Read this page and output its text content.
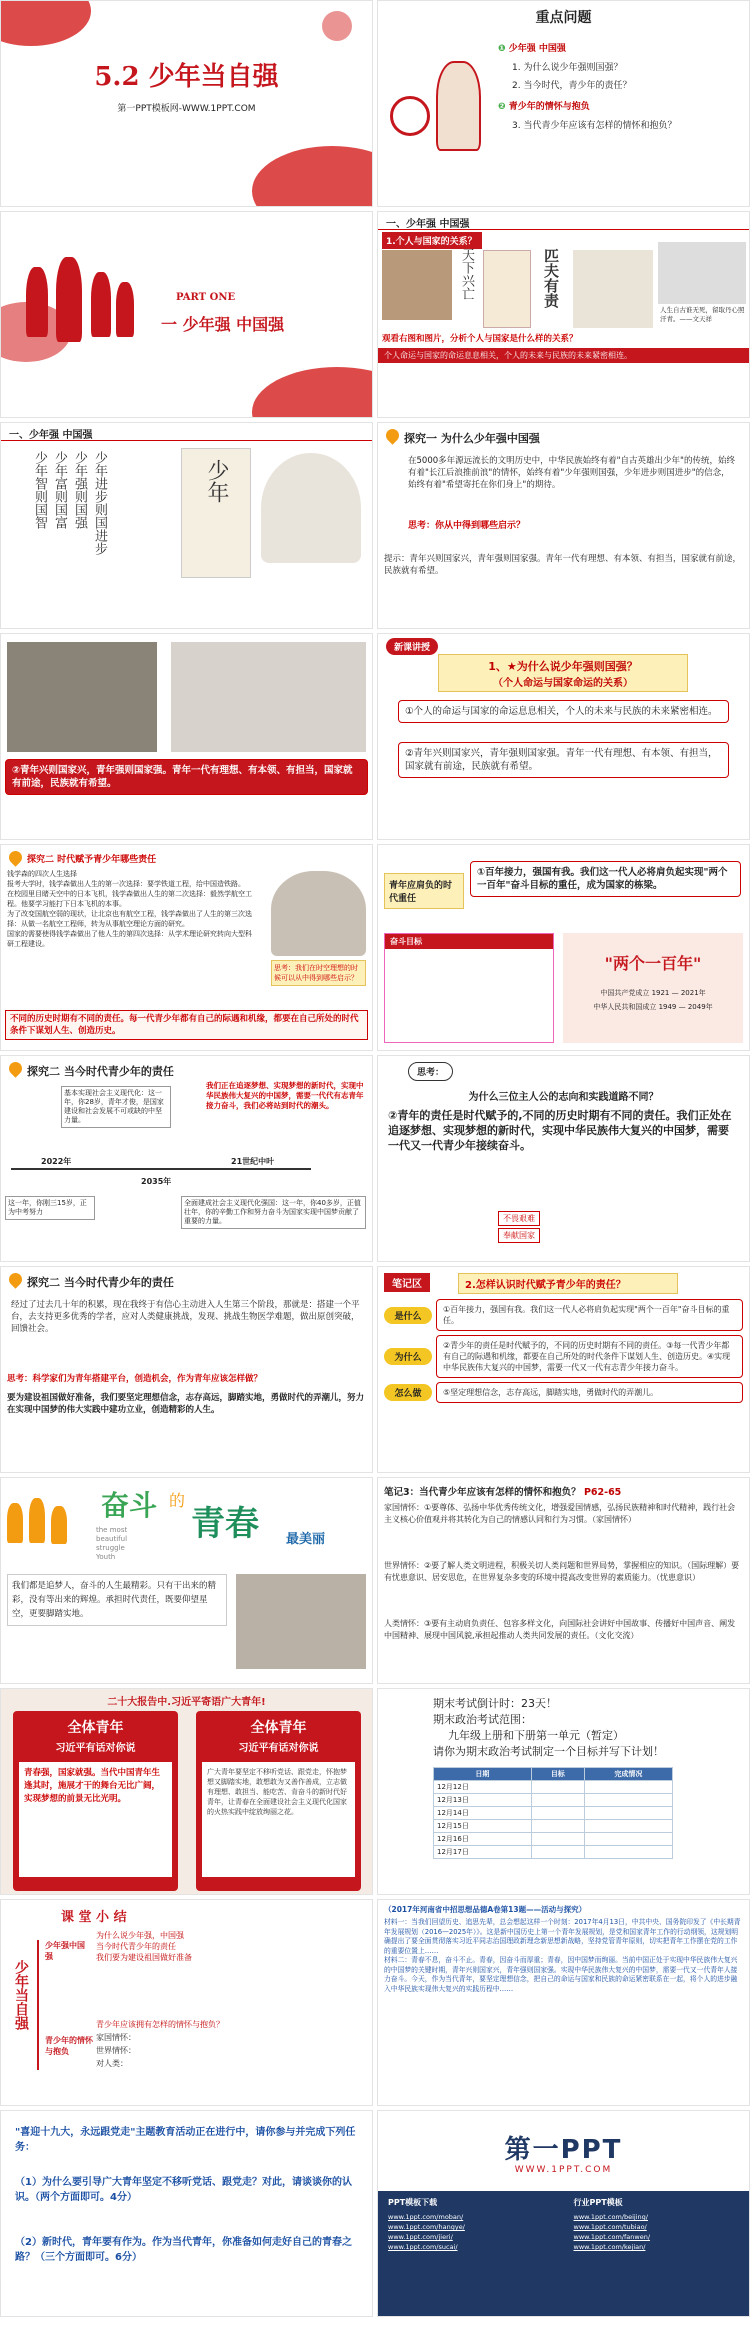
5.2 少年当自强
第一PPT模板网-WWW.1PPT.COM
重点问题
❶ 少年强 中国强
1. 为什么说少年强则国强？
2. 当今时代，青少年的责任？
❷ 青少年的情怀与抱负
3. 当代青少年应该有怎样的情怀和抱负？
PART ONE
一 少年强 中国强
一、少年强 中国强
1.个人与国家的关系？
天下兴亡	匹夫有责
人生自古谁无死，留取丹心照汗青。——文天祥
观看右图和图片，分析个人与国家是什么样的关系？
个人命运与国家的命运息息相关，个人的未来与民族的未来紧密相连。
一、少年强 中国强
少年进步则国进步
少年强则国强
少年富则国富
少年智则国智	少年
探究一 为什么少年强中国强
在5000多年源远流长的文明历史中，中华民族始终有着"自古英雄出少年"的传统，始终有着"长江后浪推前浪"的情怀，始终有着"少年强则国强，少年进步则国进步"的信念，始终有着"希望寄托在你们身上"的期待。
思考：你从中得到哪些启示？
提示：青年兴则国家兴，青年强则国家强。青年一代有理想、有本领、有担当，国家就有前途，民族就有希望。
②青年兴则国家兴，青年强则国家强。青年一代有理想、有本领、有担当，国家就有前途，民族就有希望。
新课讲授
1、★为什么说少年强则国强？
（个人命运与国家命运的关系）
①个人的命运与国家的命运息息相关，个人的未来与民族的未来紧密相连。
②青年兴则国家兴，青年强则国家强。青年一代有理想、有本领、有担当，国家就有前途，民族就有希望。
探究二 时代赋予青少年哪些责任
钱学森的四次人生选择
报考大学时，钱学森做出人生的第一次选择：要学铁道工程，给中国造铁路。
在校园里目睹天空中的日本飞机，钱学森做出人生的第二次选择：毅然学航空工程。他要学习能打下日本飞机的本事。
为了改变国航空弱的现状，让北京也有航空工程，钱学森做出了人生的第三次选择：从做一名航空工程师，转为从事航空理论方面的研究。
国家的需要使得钱学森做出了他人生的第四次选择：从学术理论研究转向大型科研工程建设。
思考：我们在时空理想的时候可以从中得到哪些启示？
不同的历史时期有不同的责任。每一代青少年都有自己的际遇和机缘，都要在自己所处的时代条件下谋划人生、创造历史。
青年应肩负的时代重任
①百年接力，强国有我。我们这一代人必将肩负起实现"两个一百年"奋斗目标的重任，成为国家的栋梁。
奋斗目标
"两个一百年"
中国共产党成立 1921 — 2021年
中华人民共和国成立 1949 — 2049年
探究二 当今时代青少年的责任
基本实现社会主义现代化：这一年，你28岁，青年才俊，是国家建设和社会发展不可或缺的中坚力量。
我们正在追逐梦想、实现梦想的新时代，实现中华民族伟大复兴的中国梦，需要一代代有志青年接力奋斗，我们必将站到时代的潮头。
2022年
2035年
21世纪中叶
这一年，你刚三15岁，正为中考努力
全面建成社会主义现代化强国：这一年，你40多岁，正值壮年，你的辛勤工作和努力奋斗为国家实现中国梦贡献了重要的力量。
思考：
为什么三位主人公的志向和实践道路不同？
②青年的责任是时代赋予的,不同的历史时期有不同的责任。我们正处在追逐梦想、实现梦想的新时代，实现中华民族伟大复兴的中国梦，需要一代又一代青少年接续奋斗。
不畏艰难
奉献国家
探究二 当今时代青少年的责任
经过了过去几十年的积累，现在我终于有信心主动进入人生第三个阶段，那就是：搭建一个平台，去支持更多优秀的学者，应对人类健康挑战，发现、挑战生物医学难题，做出原创突破，回馈社会。
思考：科学家们为青年搭建平台，创造机会，作为青年应该怎样做？
要为建设祖国做好准备，我们要坚定理想信念，志存高远，脚踏实地，勇做时代的弄潮儿，努力在实现中国梦的伟大实践中建功立业，创造精彩的人生。
笔记区	2.怎样认识时代赋予青少年的责任？
是什么
①百年接力，强国有我。我们这一代人必将肩负起实现"两个一百年"奋斗目标的重任。
为什么
②青少年的责任是时代赋予的，不同的历史时期有不同的责任。③每一代青少年都有自己的际遇和机缘，都要在自己所处的时代条件下谋划人生、创造历史。④实现中华民族伟大复兴的中国梦，需要一代又一代有志青少年接力奋斗。
怎么做	⑤坚定理想信念，志存高远，脚踏实地，勇做时代的弄潮儿。
奋斗 的
青春 最美丽
the most
beautiful
struggle
Youth
我们都是追梦人，奋斗的人生最精彩。只有干出来的精彩，没有等出来的辉煌。承担时代责任，既要仰望星空，更要脚踏实地。
笔记3：当代青少年应该有怎样的情怀和抱负？ P62-65
家国情怀：①要尊体、弘扬中华优秀传统文化，增强爱国情感，弘扬民族精神和时代精神，践行社会主义核心价值观并将其转化为自己的情感认同和行为习惯。（家国情怀）
世界情怀：②要了解人类文明进程，积极关切人类问题和世界局势，掌握相应的知识。（国际理解）要有忧患意识、居安思危，在世界复杂多变的环境中提高改变世界的素质能力。（忧患意识）
人类情怀：③要有主动肩负责任、包容多样文化，向国际社会讲好中国故事、传播好中国声音、阐发中国精神、展现中国风貌,承担起推动人类共同发展的责任。（文化交流）
二十大报告中.习近平寄语广大青年!
全体青年
习近平有话对你说
青春强，国家就强。当代中国青年生逢其时，施展才干的舞台无比广阔，实现梦想的前景无比光明。
全体青年
习近平有话对你说
广大青年要坚定不移听党话、跟党走，怀抱梦想又脚踏实地，敢想敢为又善作善成，立志做有理想、敢担当、能吃苦、肯奋斗的新时代好青年，让青春在全面建设社会主义现代化国家的火热实践中绽放绚丽之花。
期末考试倒计时：23天！
期末政治考试范围：
九年级上册和下册第一单元（暂定）
请你为期末政治考试制定一个目标并写下计划！
日期	目标	完成情况
12月12日		
12月13日		
12月14日		
12月15日		
12月16日		
12月17日		
课 堂 小 结
少年当自强
少年强中国强
为什么说少年强，中国强
当今时代青少年的责任
我们要为建设祖国做好准备
青少年的情怀与抱负
青少年应该拥有怎样的情怀与抱负？
家国情怀：
世界情怀：
对人类：
（2017年河南省中招思想品德A卷第13题——活动与探究）
材料一：当我们回望历史、追思先辈，总会想起这样一个时刻：2017年4月13日，中共中央、国务院印发了《中长期青年发展规划（2016—2025年）》。这是新中国历史上第一个青年发展规划，是党和国家青年工作的行动纲领，这规划明确提出了要全面贯彻落实习近平同志治国理政新理念新思想新战略，坚持党管青年原则，切实把青年工作摆在党的工作的重要位置上……
材料二：青春不息，奋斗不止。青春，因奋斗而厚重；青春，因中国梦而绚丽。当前中国正处于实现中华民族伟大复兴的中国梦的关键时期，青年兴则国家兴，青年强则国家强。实现中华民族伟大复兴的中国梦，需要一代又一代青年人接力奋斗。今天，作为当代青年，要坚定理想信念，把自己的命运与国家和民族的命运紧密联系在一起，将个人的进步融入中华民族实现伟大复兴的实践历程中……
"喜迎十九大，永远跟党走"主题教育活动正在进行中，请你参与并完成下列任务：
（1）为什么要引导广大青年坚定不移听党话、跟党走？对此，请谈谈你的认识。（两个方面即可。4分）
（2）新时代，青年要有作为。作为当代青年，你准备如何走好自己的青春之路？（三个方面即可。6分）
第一PPT
WWW.1PPT.COM
PPT模板下载
www.1ppt.com/moban/
www.1ppt.com/hangye/
www.1ppt.com/jieri/
www.1ppt.com/sucai/
行业PPT模板
www.1ppt.com/beijing/
www.1ppt.com/tubiao/
www.1ppt.com/fanwen/
www.1ppt.com/kejian/
